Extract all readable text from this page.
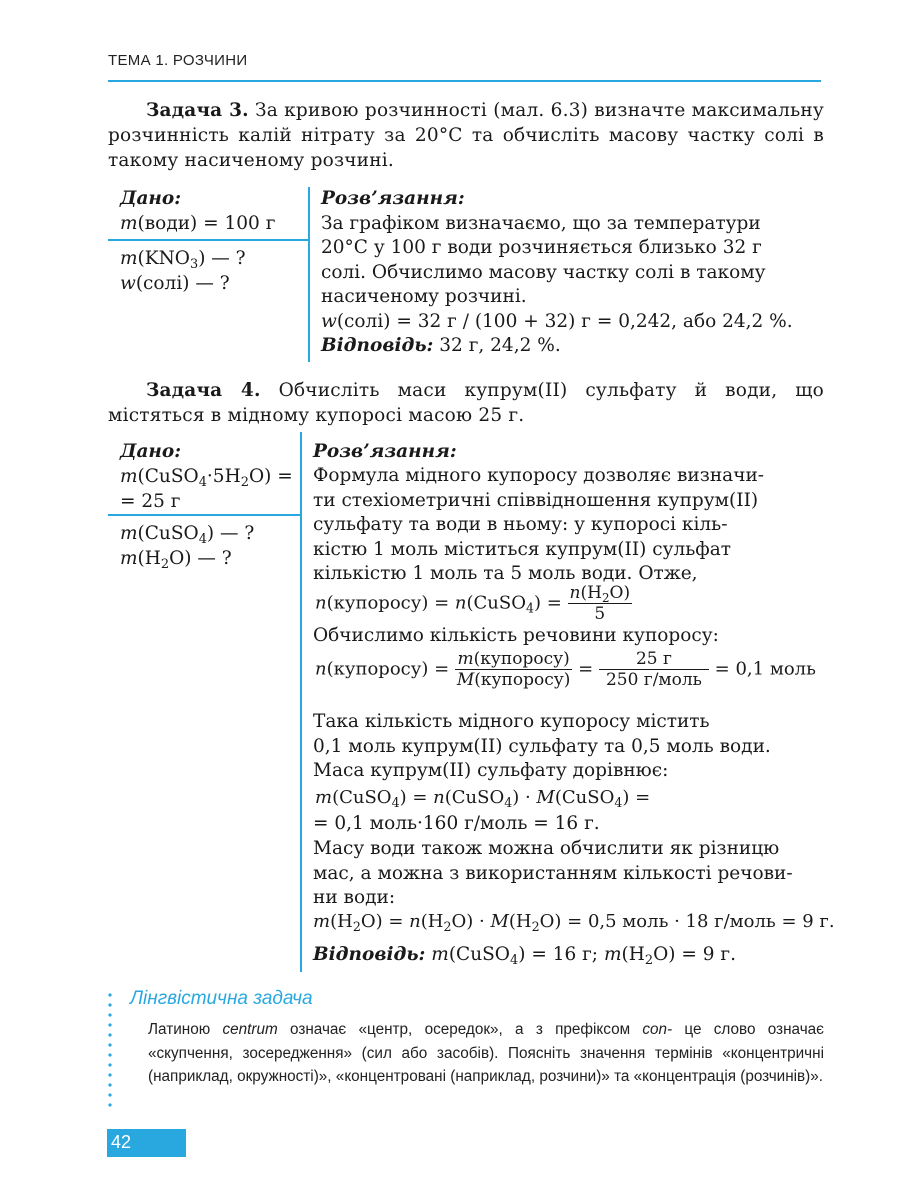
ТЕМА 1. РОЗЧИНИ
Задача 3. За кривою розчинності (мал. 6.3) визначте максимальну розчинність калій нітрату за 20°С та обчисліть масову частку солі в такому насиченому розчині.
Дано:
m(води) = 100 г
$m(KNO_3)$ — ?
w(солі) — ?
Розв’язання:
За графіком визначаємо, що за температури
20°С у 100 г води розчиняється близько 32 г
солі. Обчислимо масову частку солі в такому
насиченому розчині.
w(солі) = 32 г / (100 + 32) г = 0,242, або 24,2 %.
Відповідь: 32 г, 24,2 %.
Задача 4. Обчисліть маси купрум(ІІ) сульфату й води, що містяться в мідному купоросі масою 25 г.
Дано:
$m(CuSO_4\cdot 5H_2O)$ =
= 25 г
m(CuSO$_4$) — ?
$m(H_2O)$ — ?
Розв’язання:
Формула мідного купоросу дозволяє визначи-
ти стехіометричні співвідношення купрум(ІІ)
сульфату та води в ньому: у купоросі кіль-
кістю 1 моль міститься купрум(ІІ) сульфат
кількістю 1 моль та 5 моль води. Отже,
n(купоросу) = n(CuSO$_4$) = $\frac{n(H_2O)}{5}$
Обчислимо кількість речовини купоросу:
n(купоросу) = $\frac{\text{m(купоросу)}}{\text{M(купоросу)}} = \frac{25 г}{\text{250 г/моль}} = 0,1$ моль
Така кількість мідного купоросу містить
0,1 моль купрум(ІІ) сульфату та 0,5 моль води.
Маса купрум(ІІ) сульфату дорівнює:
m(CuSO$_4$) = n(CuSO$_4$) · M(CuSO$_4$) =
= 0,1 моль·160 г/моль = 16 г.
Масу води також можна обчислити як різницю
мас, а можна з використанням кількості речови-
ни води:
$m(H_2O) = n(H_2O) \cdot M(H_2O) = 0,5$ моль · 18 г/моль = 9 г.
Відповідь: m(CuSO$_4$) = 16 г; $m(H_2O) = 9$ г.
Лінгвістична задача
Латиною centrum означає «центр, осередок», а з префіксом con- це слово означає «скупчення, зосередження» (сил або засобів). Поясніть значення термінів «концентричні (наприклад, окружності)», «концентровані (наприклад, розчини)» та «концентрація (розчинів)».
42
